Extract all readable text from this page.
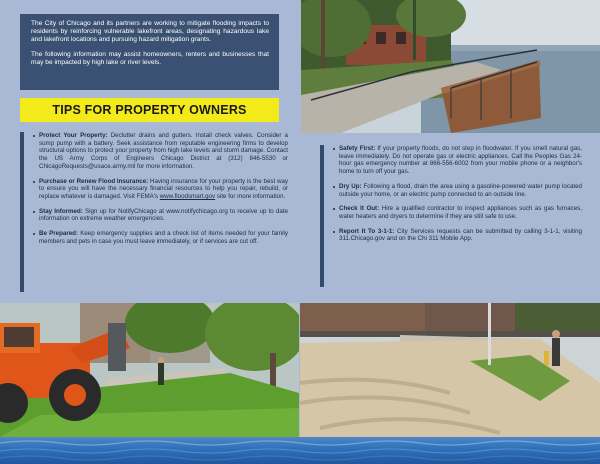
The City of Chicago and its partners are working to mitigate flooding impacts to residents by reinforcing vulnerable lakefront areas, designating hazardous lake and lakefront locations and pursuing hazard mitigation grants.

The following information may assist homeowners, renters and businesses that may be impacted by high lake or river levels.

TIPS FOR PROPERTY OWNERS
Protect Your Property: Declutter drains and gutters. Install check valves. Consider a sump pump with a battery. Seek assistance from reputable engineering firms to develop structural options to protect your property from high lake levels and storm damage. Contact the US Army Corps of Engineers Chicago District at (312) 846-5530 or ChicagoRequests@usace.army.mil for more information.
Purchase or Renew Flood Insurance: Having insurance for your property is the best way to ensure you will have the necessary financial resources to help you repair, rebuild, or replace whatever is damaged. Visit FEMA's www.floodsmart.gov site for more information.
Stay Informed: Sign up for NotifyChicago at www.notifychicago.org to receive up to date information on extreme weather emergencies.
Be Prepared: Keep emergency supplies and a check list of items needed for your family members and pets in case you must leave immediately, or if services are cut off.
Safety First: If your property floods, do not step in floodwater. If you smell natural gas, leave immediately. Do not operate gas or electric appliances. Call the Peoples Gas 24-hour gas emergency number at 866-556-6002 from your mobile phone or a neighbor's home to turn off your gas.
Dry Up: Following a flood, drain the area using a gasoline-powered water pump located outside your home, or an electric pump connected to an outside line.
Check It Out: Hire a qualified contractor to inspect appliances such as gas furnaces, water heaters and dryers to determine if they are still safe to use.
Report It To 3-1-1: City Services requests can be submitted by calling 3-1-1, visiting 311.Chicago.gov and on the Chi 311 Mobile App.
